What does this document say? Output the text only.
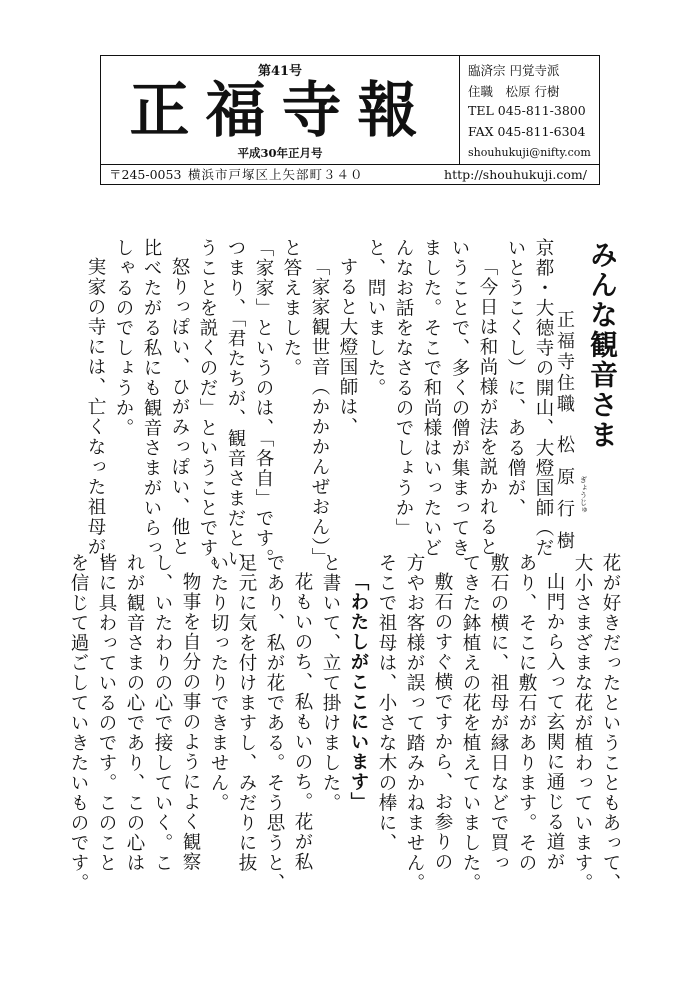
第41号
正福寺報
平成30年正月号
臨済宗 円覚寺派
住職　松原 行樹
TEL 045-811-3800
FAX 045-811-6304
shouhukuji@nifty.com
〒245-0053 横浜市戸塚区上矢部町３４０	http://shouhukuji.com/
みんな観音さま
正福寺住職
松原行樹 ぎょうじゅ
京都・大徳寺の開山、大燈国師（だ
いとうこくし）に、ある僧が、
「今日は和尚様が法を説かれると
いうことで、多くの僧が集まってき
ました。そこで和尚様はいったいど
んなお話をなさるのでしょうか」
と、問いました。
すると大燈国師は、
「家家観世音（かかかんぜおん）」
と答えました。
「家家」というのは、「各自」です。
つまり、「君たちが、観音さまだとい
うことを説くのだ」ということです。
怒りっぽい、ひがみっぽい、他と
比べたがる私にも観音さまがいらっ
しゃるのでしょうか。
実家の寺には、亡くなった祖母が、
花が好きだったということもあって、
大小さまざまな花が植わっています。
山門から入って玄関に通じる道が
あり、そこに敷石があります。その
敷石の横に、祖母が縁日などで買っ
てきた鉢植えの花を植えていました。
敷石のすぐ横ですから、お参りの
方やお客様が誤って踏みかねません。
そこで祖母は、小さな木の棒に、
「わたしがここにいます」
と書いて、立て掛けました。
花もいのち、私もいのち。花が私
であり、私が花である。そう思うと、
足元に気を付けますし、みだりに抜
いたり切ったりできません。
物事を自分の事のようによく観察
し、いたわりの心で接していく。こ
れが観音さまの心であり、この心は
皆に具わっているのです。このこと
を信じて過ごしていきたいものです。
